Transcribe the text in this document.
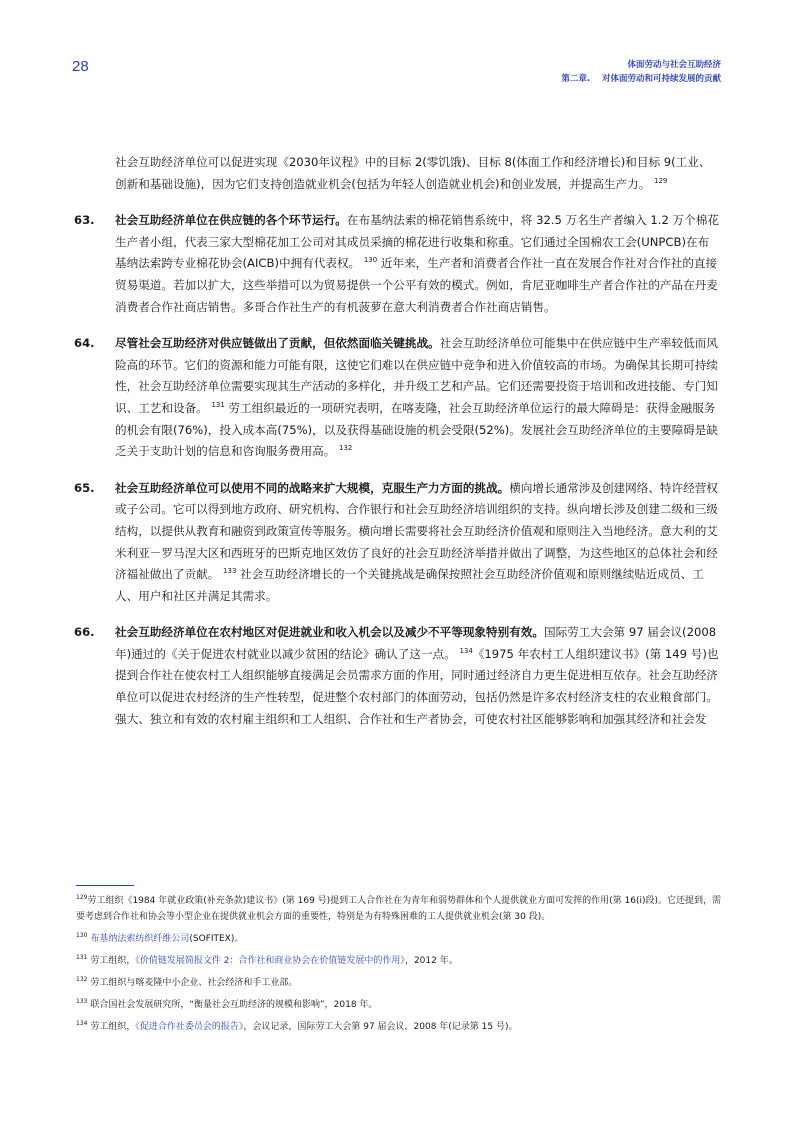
28	体面劳动与社会互助经济
第二章. 对体面劳动和可持续发展的贡献
社会互助经济单位可以促进实现《2030年议程》中的目标 2(零饥饿)、目标 8(体面工作和经济增长)和目标 9(工业、创新和基础设施)，因为它们支持创造就业机会(包括为年轻人创造就业机会)和创业发展，并提高生产力。 $^{129}$
63. 社会互助经济单位在供应链的各个环节运行。在布基纳法索的棉花销售系统中，将 32.5 万名生产者编入 1.2 万个棉花生产者小组，代表三家大型棉花加工公司对其成员采摘的棉花进行收集和称重。它们通过全国棉农工会(UNPCB)在布基纳法索跨专业棉花协会(AICB)中拥有代表权。 $^{130}$ 近年来，生产者和消费者合作社一直在发展合作社对合作社的直接贸易渠道。若加以扩大，这些举措可以为贸易提供一个公平有效的模式。例如，肯尼亚咖啡生产者合作社的产品在丹麦消费者合作社商店销售。多哥合作社生产的有机菠萝在意大利消费者合作社商店销售。
64. 尽管社会互助经济对供应链做出了贡献，但依然面临关键挑战。社会互助经济单位可能集中在供应链中生产率较低而风险高的环节。它们的资源和能力可能有限，这使它们难以在供应链中竞争和进入价值较高的市场。为确保其长期可持续性，社会互助经济单位需要实现其生产活动的多样化，并升级工艺和产品。它们还需要投资于培训和改进技能、专门知识、工艺和设备。 $^{131}$ 劳工组织最近的一项研究表明，在喀麦隆，社会互助经济单位运行的最大障碍是：获得金融服务的机会有限(76%)，投入成本高(75%)，以及获得基础设施的机会受限(52%)。发展社会互助经济单位的主要障碍是缺乏关于支助计划的信息和咨询服务费用高。 $^{132}$
65. 社会互助经济单位可以使用不同的战略来扩大规模，克服生产力方面的挑战。横向增长通常涉及创建网络、特许经营权或子公司。它可以得到地方政府、研究机构、合作银行和社会互助经济培训组织的支持。纵向增长涉及创建二级和三级结构，以提供从教育和融资到政策宣传等服务。横向增长需要将社会互助经济价值观和原则注入当地经济。意大利的艾米利亚－罗马涅大区和西班牙的巴斯克地区效仿了良好的社会互助经济举措并做出了调整，为这些地区的总体社会和经济福祉做出了贡献。 $^{133}$ 社会互助经济增长的一个关键挑战是确保按照社会互助经济价值观和原则继续贴近成员、工人、用户和社区并满足其需求。
66. 社会互助经济单位在农村地区对促进就业和收入机会以及减少不平等现象特别有效。国际劳工大会第 97 届会议(2008 年)通过的《关于促进农村就业以减少贫困的结论》确认了这一点。 $^{134}$《1975 年农村工人组织建议书》(第 149 号)也提到合作社在使农村工人组织能够直接满足会员需求方面的作用，同时通过经济自力更生促进相互依存。社会互助经济单位可以促进农村经济的生产性转型，促进整个农村部门的体面劳动，包括仍然是许多农村经济支柱的农业粮食部门。强大、独立和有效的农村雇主组织和工人组织、合作社和生产者协会，可使农村社区能够影响和加强其经济和社会发
$^{129}$劳工组织《1984 年就业政策(补充条款)建议书》(第 169 号)提到工人合作社在为青年和弱势群体和个人提供就业方面可发挥的作用(第 16(i)段)。它还提到，需要考虑到合作社和协会等小型企业在提供就业机会方面的重要性，特别是为有特殊困难的工人提供就业机会(第 30 段)。
$^{130}$ 布基纳法索纺织纤维公司(SOFITEX)。
$^{131}$ 劳工组织，《价值链发展简报文件 2：合作社和商业协会在价值链发展中的作用》，2012 年。
$^{132}$ 劳工组织与喀麦隆中小企业、社会经济和手工业部。
$^{133}$ 联合国社会发展研究所，“衡量社会互助经济的规模和影响”，2018 年。
$^{134}$ 劳工组织，《促进合作社委员会的报告》，会议记录，国际劳工大会第 97 届会议，2008 年(记录第 15 号)。
